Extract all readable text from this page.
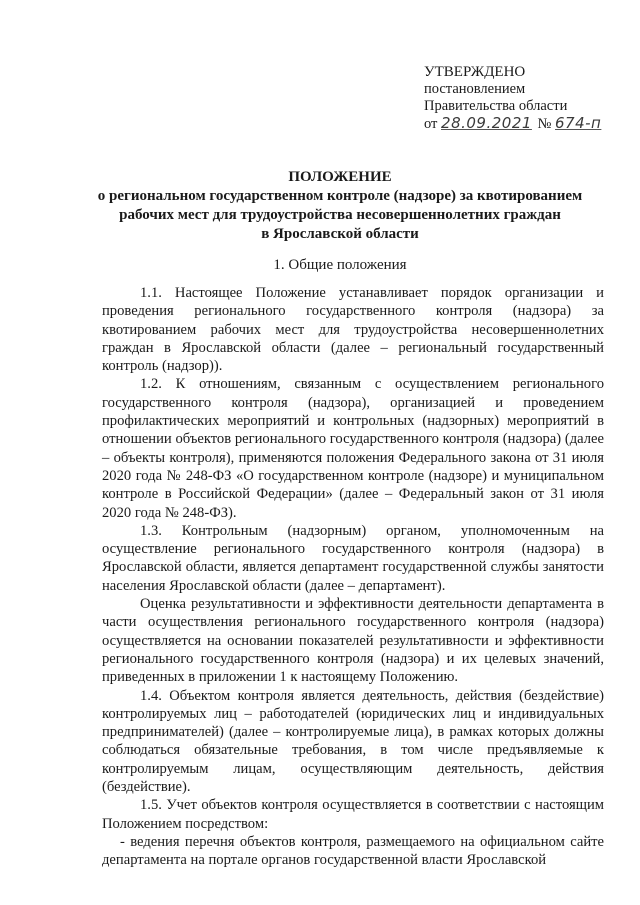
УТВЕРЖДЕНО
постановлением
Правительства области
от 28.09.2021 № 674-п
ПОЛОЖЕНИЕ
о региональном государственном контроле (надзоре) за квотированием
рабочих мест для трудоустройства несовершеннолетних граждан
в Ярославской области
1. Общие положения

1.1. Настоящее Положение устанавливает порядок организации и проведения регионального государственного контроля (надзора) за квотированием рабочих мест для трудоустройства несовершеннолетних граждан в Ярославской области (далее – региональный государственный контроль (надзор)).

1.2. К отношениям, связанным с осуществлением регионального государственного контроля (надзора), организацией и проведением профилактических мероприятий и контрольных (надзорных) мероприятий в отношении объектов регионального государственного контроля (надзора) (далее – объекты контроля), применяются положения Федерального закона от 31 июля 2020 года № 248-ФЗ «О государственном контроле (надзоре) и муниципальном контроле в Российской Федерации» (далее – Федеральный закон от 31 июля 2020 года № 248-ФЗ).

1.3. Контрольным (надзорным) органом, уполномоченным на осуществление регионального государственного контроля (надзора) в Ярославской области, является департамент государственной службы занятости населения Ярославской области (далее – департамент).

Оценка результативности и эффективности деятельности департамента в части осуществления регионального государственного контроля (надзора) осуществляется на основании показателей результативности и эффективности регионального государственного контроля (надзора) и их целевых значений, приведенных в приложении 1 к настоящему Положению.

1.4. Объектом контроля является деятельность, действия (бездействие) контролируемых лиц – работодателей (юридических лиц и индивидуальных предпринимателей) (далее – контролируемые лица), в рамках которых должны соблюдаться обязательные требования, в том числе предъявляемые к контролируемым лицам, осуществляющим деятельность, действия (бездействие).

1.5. Учет объектов контроля осуществляется в соответствии с настоящим Положением посредством:

- ведения перечня объектов контроля, размещаемого на официальном сайте департамента на портале органов государственной власти Ярославской
